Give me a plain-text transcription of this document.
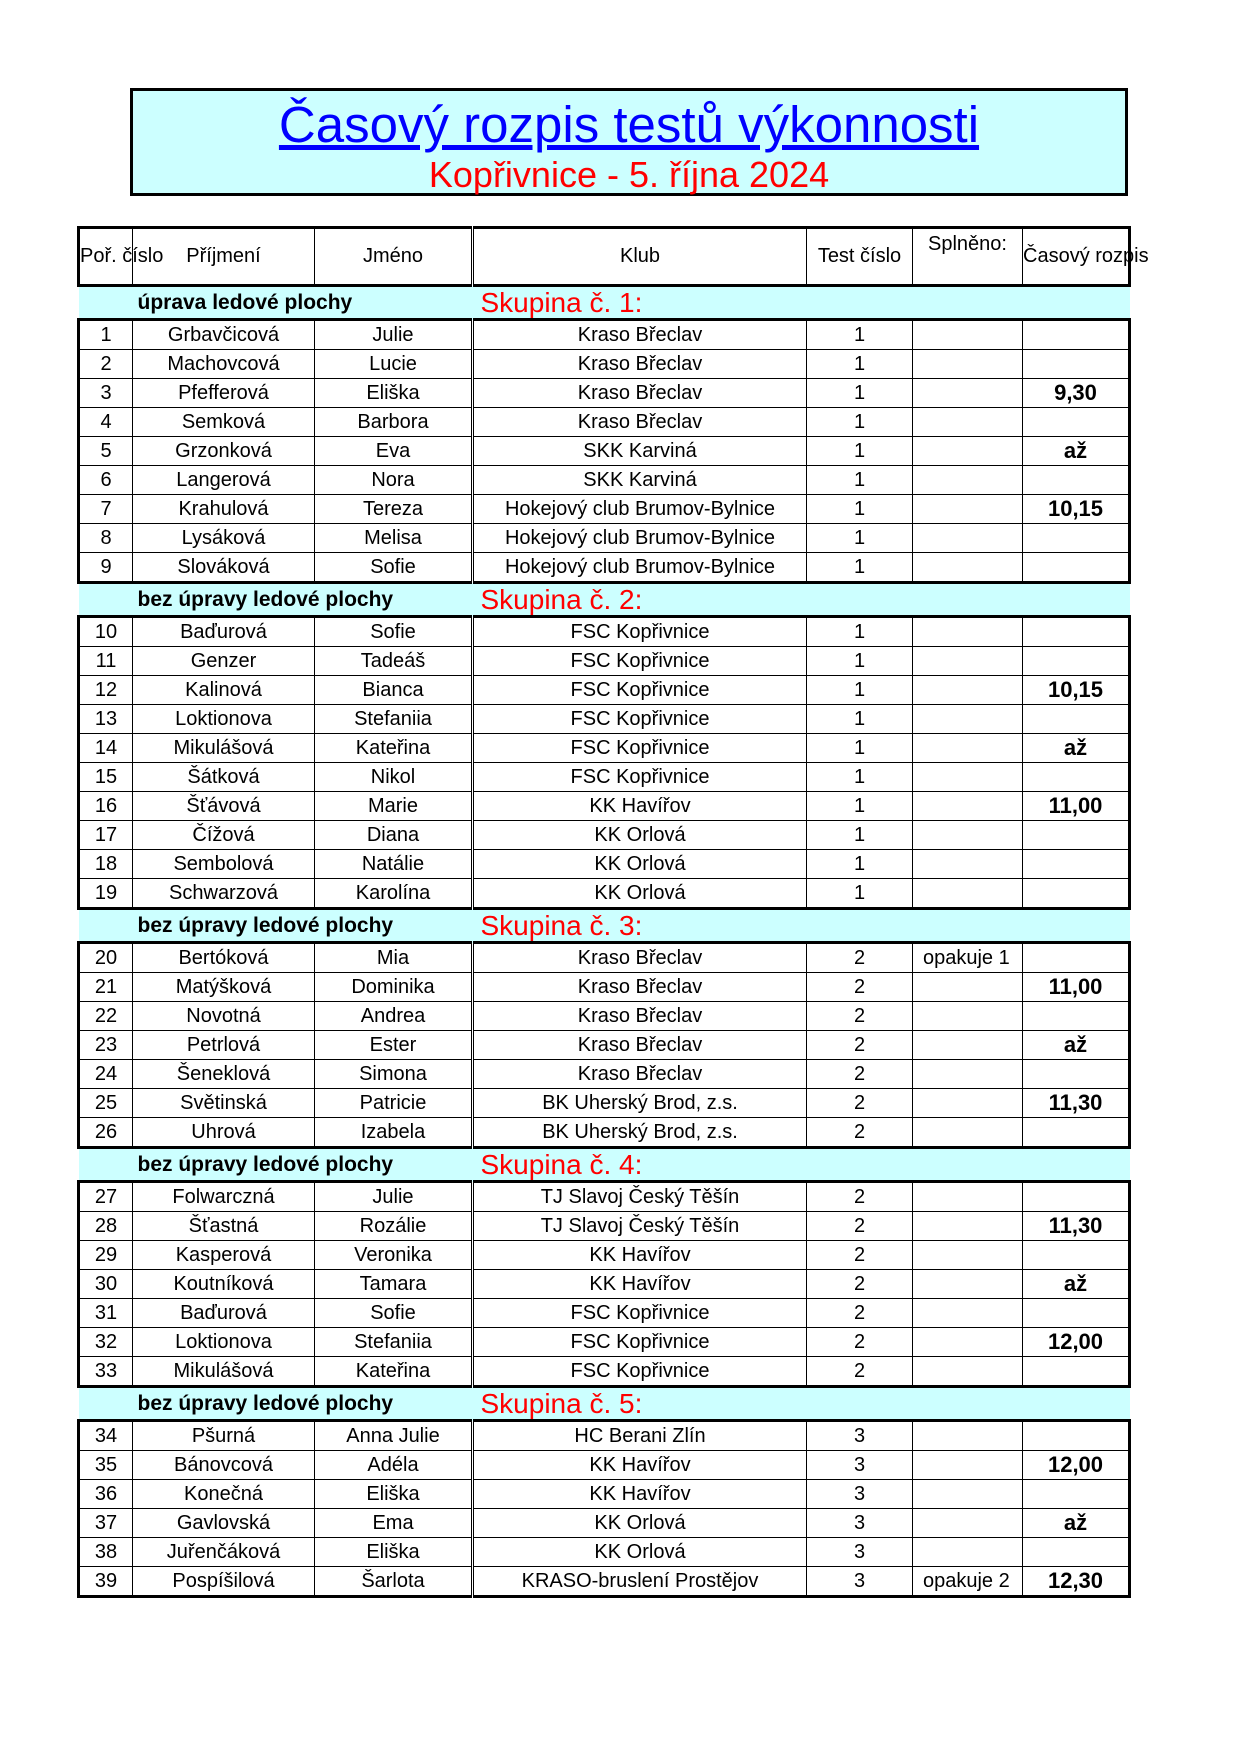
Časový rozpis testů výkonnosti
Kopřivnice - 5. října 2024
Poř. číslo	Příjmení	Jméno	Klub	Test číslo	Splněno:	Časový rozpis
úprava ledové plochy			Skupina č. 1:			
1	Grbavčicová	Julie	Kraso Břeclav	1		
2	Machovcová	Lucie	Kraso Břeclav	1		
3	Pfefferová	Eliška	Kraso Břeclav	1		9,30
4	Semková	Barbora	Kraso Břeclav	1		
5	Grzonková	Eva	SKK Karviná	1		až
6	Langerová	Nora	SKK Karviná	1		
7	Krahulová	Tereza	Hokejový club Brumov-Bylnice	1		10,15
8	Lysáková	Melisa	Hokejový club Brumov-Bylnice	1		
9	Slováková	Sofie	Hokejový club Brumov-Bylnice	1		
bez úpravy ledové plochy			Skupina č. 2:			
10	Baďurová	Sofie	FSC Kopřivnice	1		
11	Genzer	Tadeáš	FSC Kopřivnice	1		
12	Kalinová	Bianca	FSC Kopřivnice	1		10,15
13	Loktionova	Stefaniia	FSC Kopřivnice	1		
14	Mikulášová	Kateřina	FSC Kopřivnice	1		až
15	Šátková	Nikol	FSC Kopřivnice	1		
16	Šťávová	Marie	KK Havířov	1		11,00
17	Čížová	Diana	KK Orlová	1		
18	Sembolová	Natálie	KK Orlová	1		
19	Schwarzová	Karolína	KK Orlová	1		
bez úpravy ledové plochy			Skupina č. 3:			
20	Bertóková	Mia	Kraso Břeclav	2	opakuje 1	
21	Matýšková	Dominika	Kraso Břeclav	2		11,00
22	Novotná	Andrea	Kraso Břeclav	2		
23	Petrlová	Ester	Kraso Břeclav	2		až
24	Šeneklová	Simona	Kraso Břeclav	2		
25	Světinská	Patricie	BK Uherský Brod, z.s.	2		11,30
26	Uhrová	Izabela	BK Uherský Brod, z.s.	2		
bez úpravy ledové plochy			Skupina č. 4:			
27	Folwarczná	Julie	TJ Slavoj Český Těšín	2		
28	Šťastná	Rozálie	TJ Slavoj Český Těšín	2		11,30
29	Kasperová	Veronika	KK Havířov	2		
30	Koutníková	Tamara	KK Havířov	2		až
31	Baďurová	Sofie	FSC Kopřivnice	2		
32	Loktionova	Stefaniia	FSC Kopřivnice	2		12,00
33	Mikulášová	Kateřina	FSC Kopřivnice	2		
bez úpravy ledové plochy			Skupina č. 5:			
34	Pšurná	Anna Julie	HC Berani Zlín	3		
35	Bánovcová	Adéla	KK Havířov	3		12,00
36	Konečná	Eliška	KK Havířov	3		
37	Gavlovská	Ema	KK Orlová	3		až
38	Juřenčáková	Eliška	KK Orlová	3		
39	Pospíšilová	Šarlota	KRASO-bruslení Prostějov	3	opakuje 2	12,30
